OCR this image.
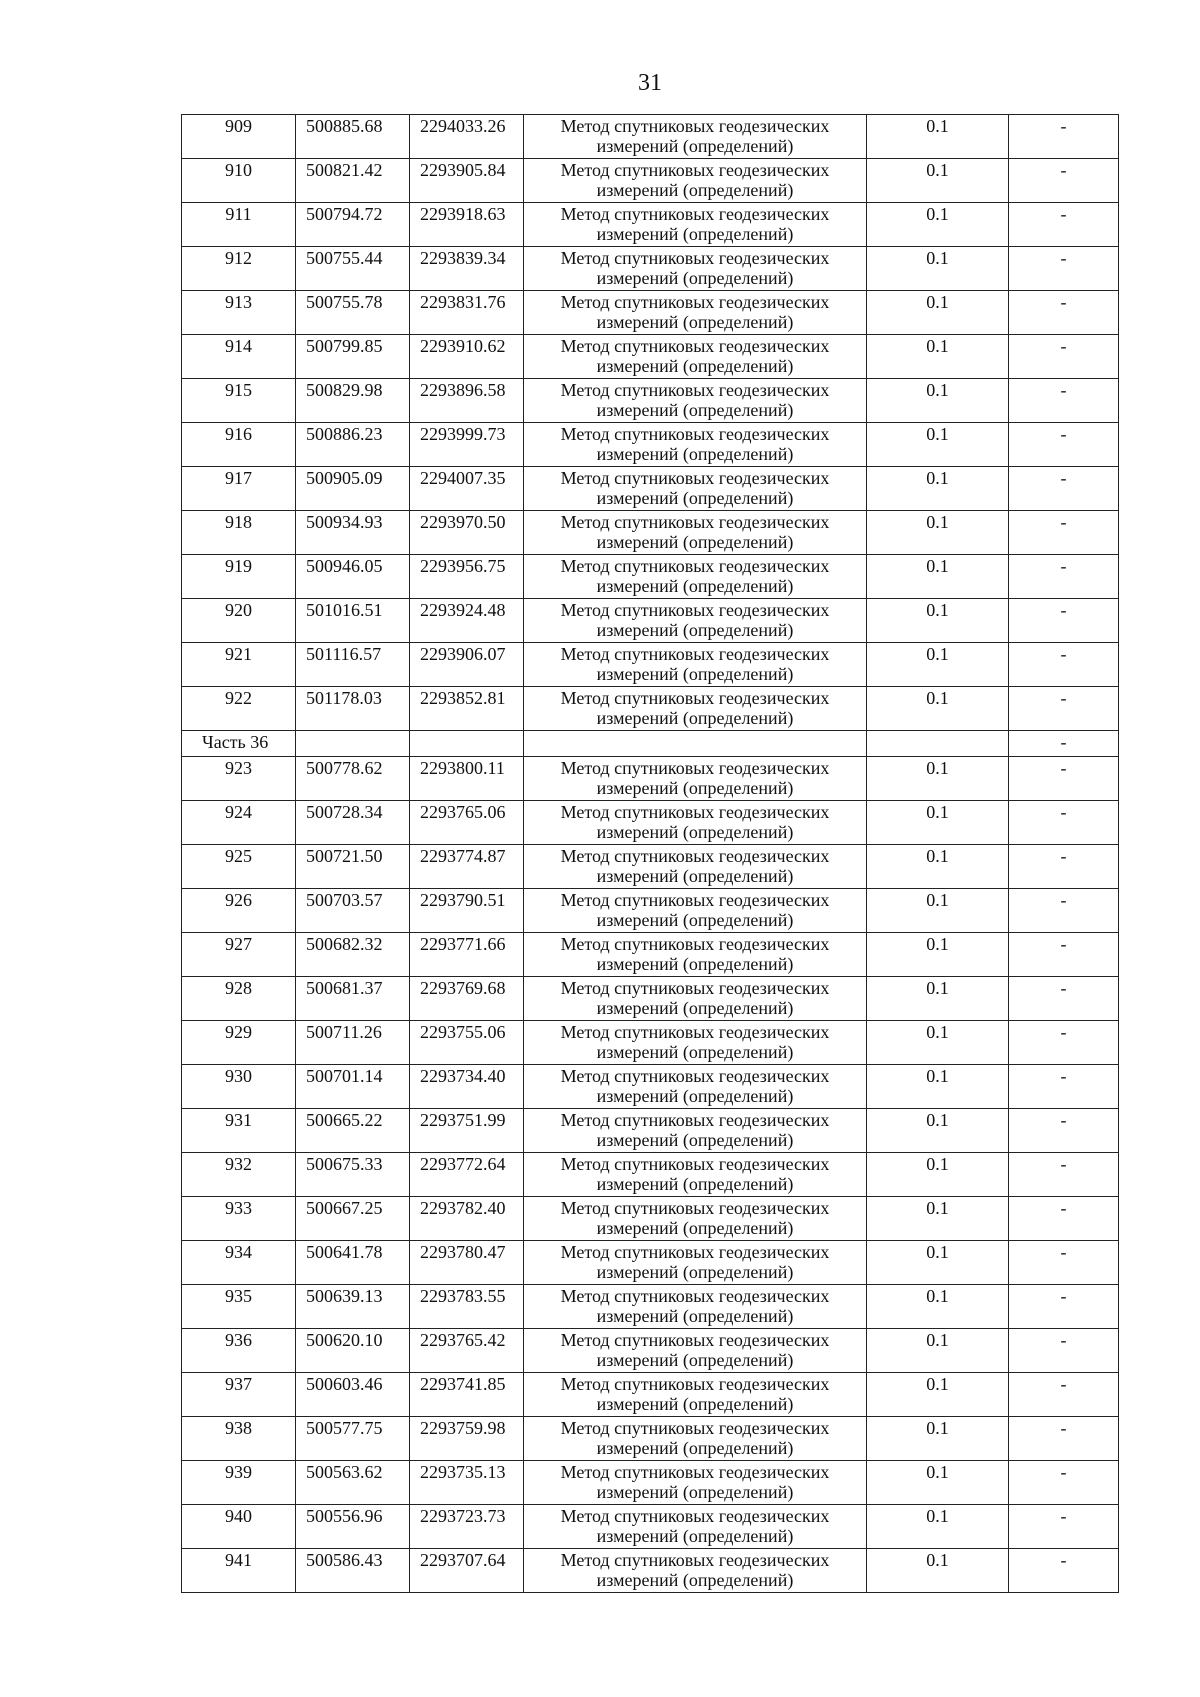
31
909	500885.68	2294033.26	Метод спутниковых геодезических измерений (определений)	0.1	-
910	500821.42	2293905.84	Метод спутниковых геодезических измерений (определений)	0.1	-
911	500794.72	2293918.63	Метод спутниковых геодезических измерений (определений)	0.1	-
912	500755.44	2293839.34	Метод спутниковых геодезических измерений (определений)	0.1	-
913	500755.78	2293831.76	Метод спутниковых геодезических измерений (определений)	0.1	-
914	500799.85	2293910.62	Метод спутниковых геодезических измерений (определений)	0.1	-
915	500829.98	2293896.58	Метод спутниковых геодезических измерений (определений)	0.1	-
916	500886.23	2293999.73	Метод спутниковых геодезических измерений (определений)	0.1	-
917	500905.09	2294007.35	Метод спутниковых геодезических измерений (определений)	0.1	-
918	500934.93	2293970.50	Метод спутниковых геодезических измерений (определений)	0.1	-
919	500946.05	2293956.75	Метод спутниковых геодезических измерений (определений)	0.1	-
920	501016.51	2293924.48	Метод спутниковых геодезических измерений (определений)	0.1	-
921	501116.57	2293906.07	Метод спутниковых геодезических измерений (определений)	0.1	-
922	501178.03	2293852.81	Метод спутниковых геодезических измерений (определений)	0.1	-
Часть 36					-
923	500778.62	2293800.11	Метод спутниковых геодезических измерений (определений)	0.1	-
924	500728.34	2293765.06	Метод спутниковых геодезических измерений (определений)	0.1	-
925	500721.50	2293774.87	Метод спутниковых геодезических измерений (определений)	0.1	-
926	500703.57	2293790.51	Метод спутниковых геодезических измерений (определений)	0.1	-
927	500682.32	2293771.66	Метод спутниковых геодезических измерений (определений)	0.1	-
928	500681.37	2293769.68	Метод спутниковых геодезических измерений (определений)	0.1	-
929	500711.26	2293755.06	Метод спутниковых геодезических измерений (определений)	0.1	-
930	500701.14	2293734.40	Метод спутниковых геодезических измерений (определений)	0.1	-
931	500665.22	2293751.99	Метод спутниковых геодезических измерений (определений)	0.1	-
932	500675.33	2293772.64	Метод спутниковых геодезических измерений (определений)	0.1	-
933	500667.25	2293782.40	Метод спутниковых геодезических измерений (определений)	0.1	-
934	500641.78	2293780.47	Метод спутниковых геодезических измерений (определений)	0.1	-
935	500639.13	2293783.55	Метод спутниковых геодезических измерений (определений)	0.1	-
936	500620.10	2293765.42	Метод спутниковых геодезических измерений (определений)	0.1	-
937	500603.46	2293741.85	Метод спутниковых геодезических измерений (определений)	0.1	-
938	500577.75	2293759.98	Метод спутниковых геодезических измерений (определений)	0.1	-
939	500563.62	2293735.13	Метод спутниковых геодезических измерений (определений)	0.1	-
940	500556.96	2293723.73	Метод спутниковых геодезических измерений (определений)	0.1	-
941	500586.43	2293707.64	Метод спутниковых геодезических измерений (определений)	0.1	-
